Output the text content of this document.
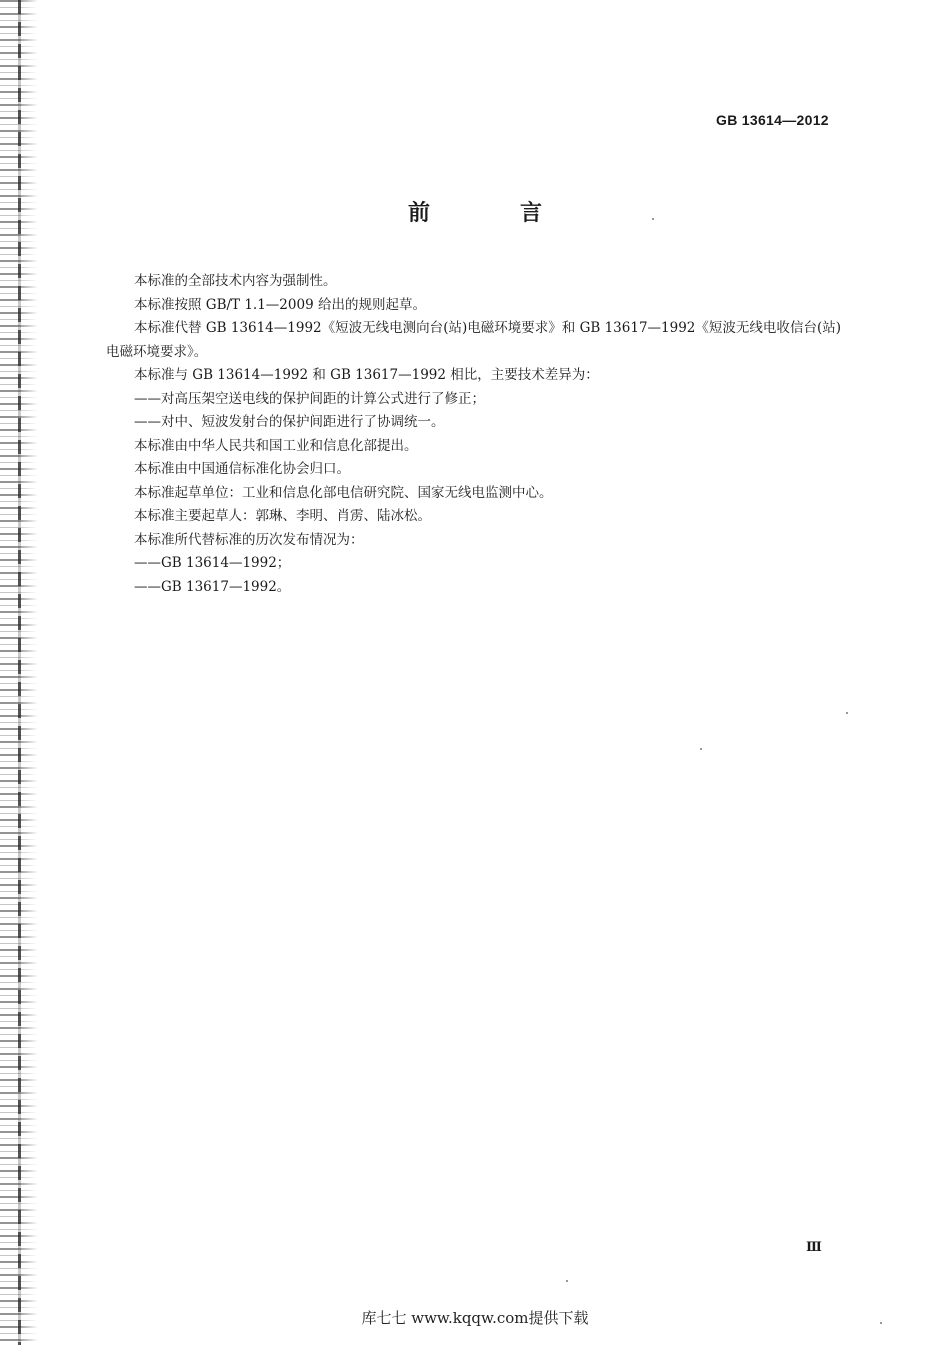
GB 13614—2012
前　言

本标准的全部技术内容为强制性。

本标准按照 GB/T 1.1—2009 给出的规则起草。

本标准代替 GB 13614—1992《短波无线电测向台(站)电磁环境要求》和 GB 13617—1992《短波无线电收信台(站)电磁环境要求》。

本标准与 GB 13614—1992 和 GB 13617—1992 相比，主要技术差异为：

——对高压架空送电线的保护间距的计算公式进行了修正；

——对中、短波发射台的保护间距进行了协调统一。

本标准由中华人民共和国工业和信息化部提出。

本标准由中国通信标准化协会归口。

本标准起草单位：工业和信息化部电信研究院、国家无线电监测中心。

本标准主要起草人：郭琳、李明、肖雳、陆冰松。

本标准所代替标准的历次发布情况为：

——GB 13614—1992；

——GB 13617—1992。

Ⅲ
库七七 www.kqqw.com提供下载
